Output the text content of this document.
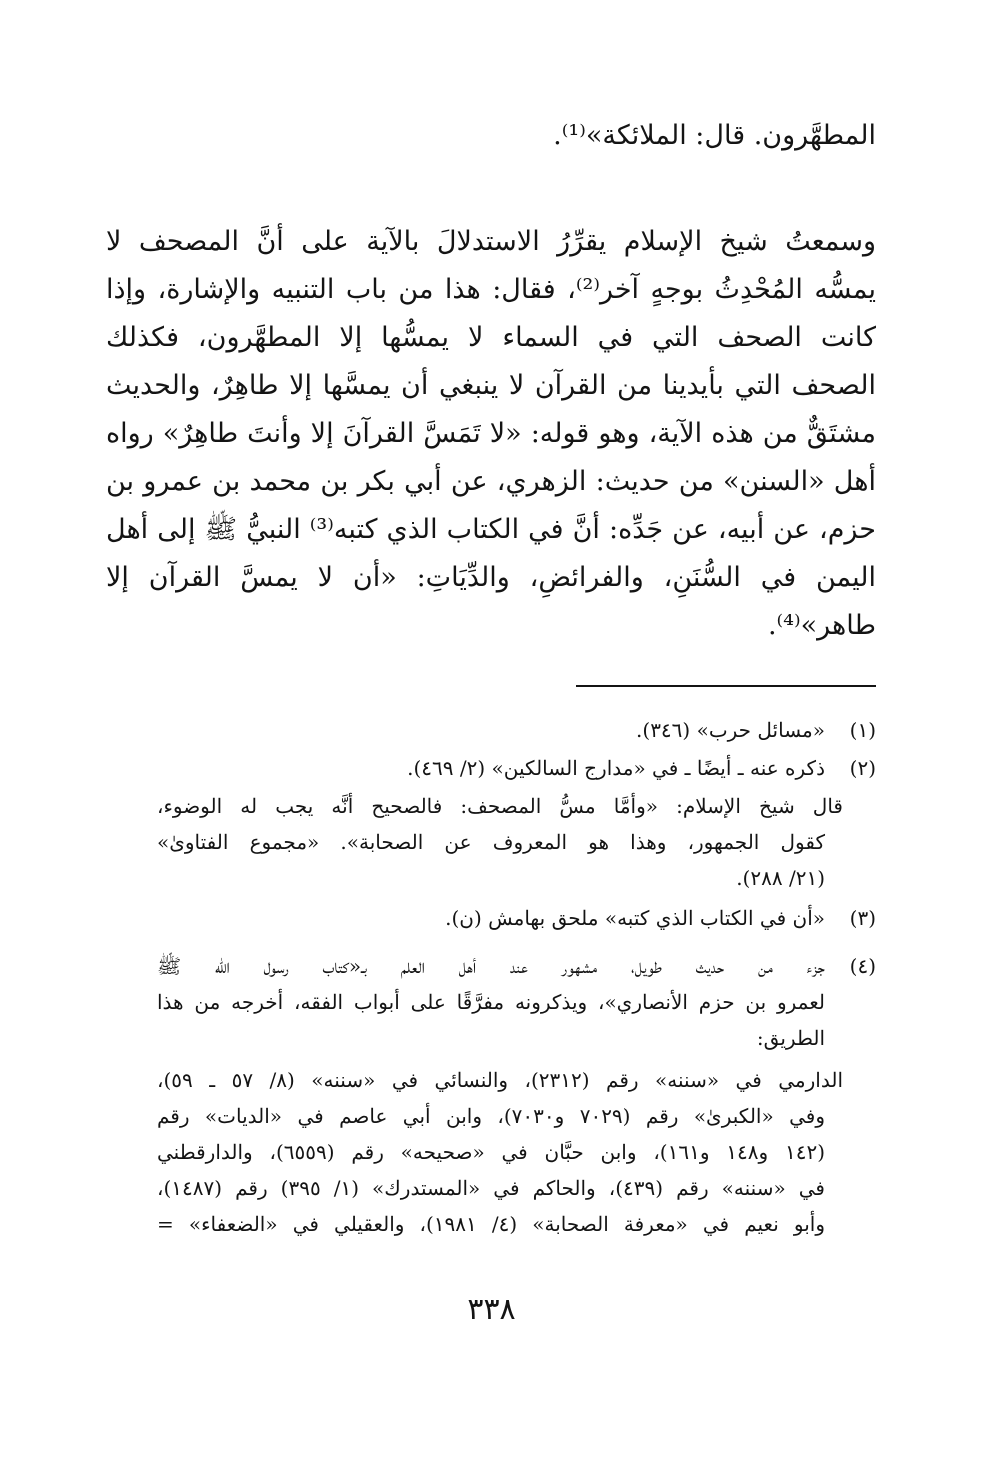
المطهَّرون. قال: الملائكة»⁽¹⁾.
وسمعتُ شيخ الإسلام يقرِّرُ الاستدلالَ بالآية على أنَّ المصحف لا
يمسُّه المُحْدِثُ بوجهٍ آخر⁽²⁾، فقال: هذا من باب التنبيه والإشارة، وإذا
كانت الصحف التي في السماء لا يمسُّها إلا المطهَّرون، فكذلك
الصحف التي بأيدينا من القرآن لا ينبغي أن يمسَّها إلا طاهِرٌ، والحديث
مشتَقٌّ من هذه الآية، وهو قوله: «لا تَمَسَّ القرآنَ إلا وأنتَ طاهِرٌ» رواه
أهل «السنن» من حديث: الزهري، عن أبي بكر بن محمد بن عمرو بن
حزم، عن أبيه، عن جَدِّه: أنَّ في الكتاب الذي كتبه⁽³⁾ النبيُّ ﷺ إلى أهل
اليمن في السُّنَنِ، والفرائضِ، والدِّيَاتِ: «أن لا يمسَّ القرآن إلا
طاهر»⁽⁴⁾.
(١)
«مسائل حرب» (٣٤٦).
(٢)
ذكره عنه ـ أيضًا ـ في «مدارج السالكين» (٢/ ٤٦٩).
قال شيخ الإسلام: «وأمَّا مسُّ المصحف: فالصحيح أنَّه يجب له الوضوء،
كقول الجمهور، وهذا هو المعروف عن الصحابة». «مجموع الفتاوىٰ»
(٢١/ ٢٨٨).
(٣)
«أن في الكتاب الذي كتبه» ملحق بهامش (ن).
(٤)
جزء من حديث طويل، مشهور عند أهل العلم بـ«كتاب رسول الله ﷺ
لعمرو بن حزم الأنصاري»، ويذكرونه مفرَّقًا على أبواب الفقه، أخرجه من هذا
الطريق:
الدارمي في «سننه» رقم (٢٣١٢)، والنسائي في «سننه» (٨/ ٥٧ ـ ٥٩)،
وفي «الكبرىٰ» رقم (٧٠٢٩ و٧٠٣٠)، وابن أبي عاصم في «الديات» رقم
(١٤٢ و١٤٨ و١٦١)، وابن حبَّان في «صحيحه» رقم (٦٥٥٩)، والدارقطني
في «سننه» رقم (٤٣٩)، والحاكم في «المستدرك» (١/ ٣٩٥) رقم (١٤٨٧)،
وأبو نعيم في «معرفة الصحابة» (٤/ ١٩٨١)، والعقيلي في «الضعفاء» =
٣٣٨
